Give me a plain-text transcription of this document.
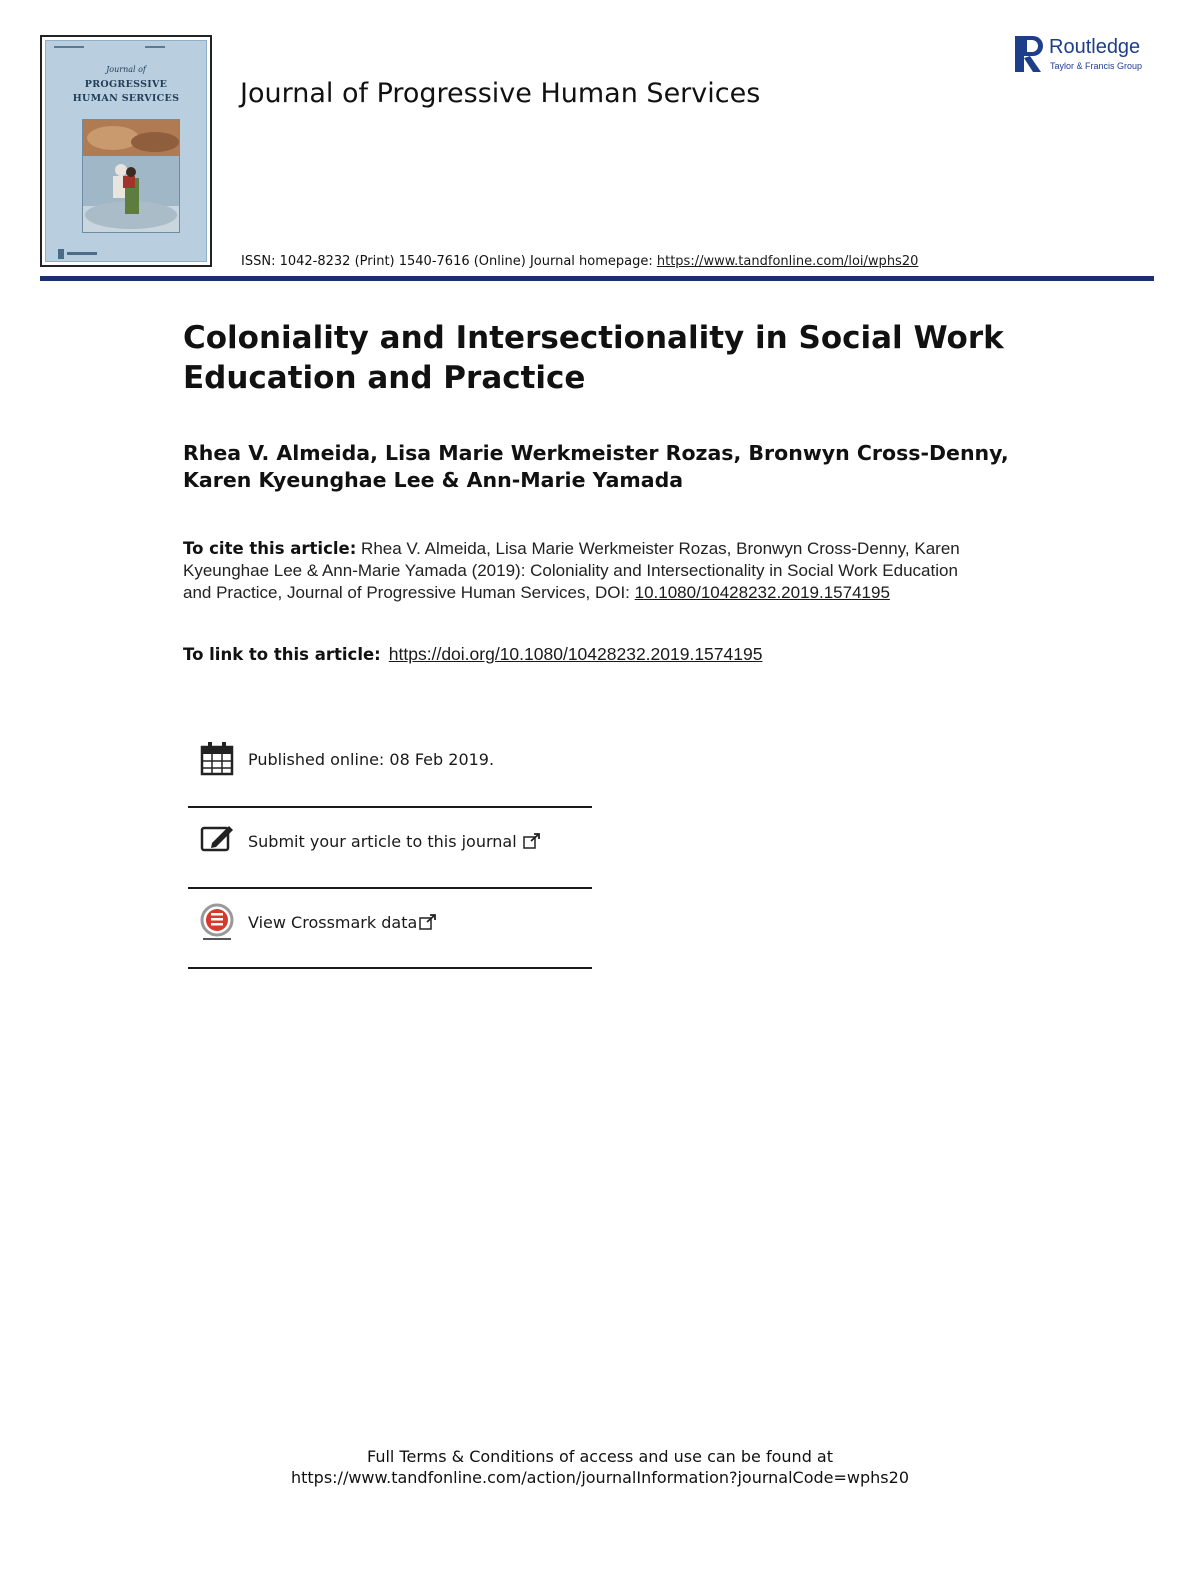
Journal of
PROGRESSIVE
HUMAN SERVICES	Journal of Progressive Human Services
Routledge
Taylor & Francis Group
ISSN: 1042-8232 (Print) 1540-7616 (Online) Journal homepage: https://www.tandfonline.com/loi/wphs20
Coloniality and Intersectionality in Social Work Education and Practice

Rhea V. Almeida, Lisa Marie Werkmeister Rozas, Bronwyn Cross-Denny, Karen Kyeunghae Lee & Ann-Marie Yamada

To cite this article: Rhea V. Almeida, Lisa Marie Werkmeister Rozas, Bronwyn Cross-Denny, Karen Kyeunghae Lee & Ann-Marie Yamada (2019): Coloniality and Intersectionality in Social Work Education and Practice, Journal of Progressive Human Services, DOI: 10.1080/10428232.2019.1574195
To link to this article: https://doi.org/10.1080/10428232.2019.1574195
Published online: 08 Feb 2019.
Submit your article to this journal
View Crossmark data
Full Terms & Conditions of access and use can be found at
https://www.tandfonline.com/action/journalInformation?journalCode=wphs20
